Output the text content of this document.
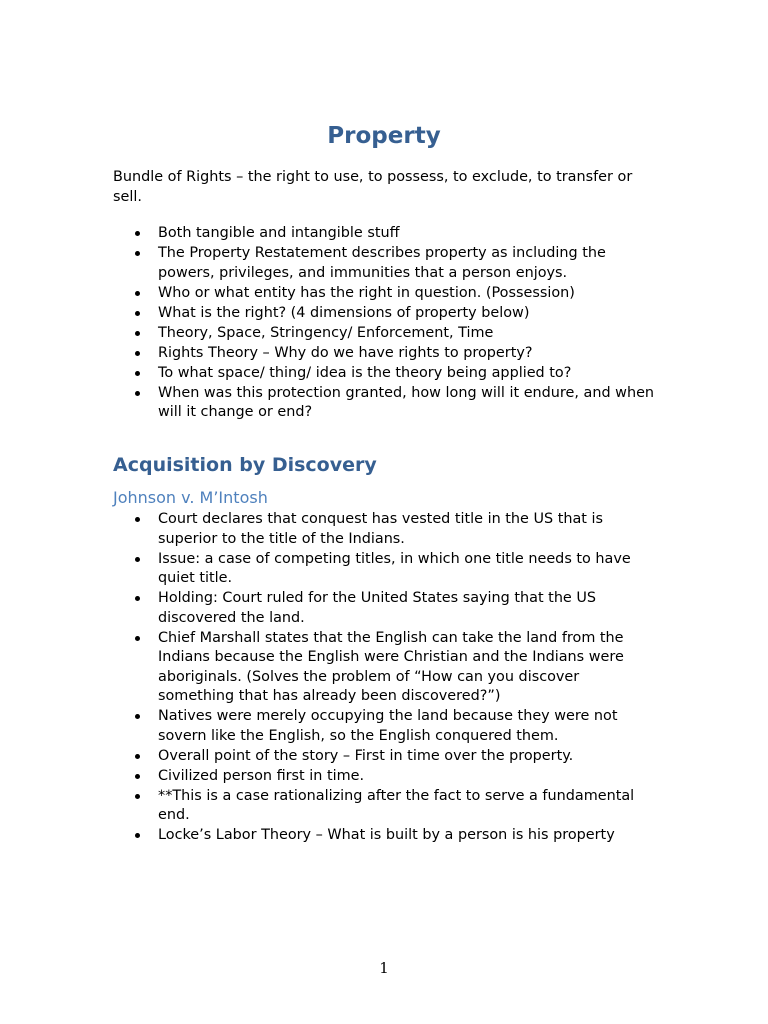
Property

Bundle of Rights – the right to use, to possess, to exclude, to transfer or sell.

Both tangible and intangible stuff
The Property Restatement describes property as including the powers, privileges, and immunities that a person enjoys.
Who or what entity has the right in question. (Possession)
What is the right? (4 dimensions of property below)
Theory, Space, Stringency/ Enforcement, Time
Rights Theory – Why do we have rights to property?
To what space/ thing/ idea is the theory being applied to?
When was this protection granted, how long will it endure, and when will it change or end?
Acquisition by Discovery
Johnson v. M’Intosh
Court declares that conquest has vested title in the US that is superior to the title of the Indians.
Issue: a case of competing titles, in which one title needs to have quiet title.
Holding: Court ruled for the United States saying that the US discovered the land.
Chief Marshall states that the English can take the land from the Indians because the English were Christian and the Indians were aboriginals. (Solves the problem of “How can you discover something that has already been discovered?”)
Natives were merely occupying the land because they were not sovern like the English, so the English conquered them.
Overall point of the story – First in time over the property.
Civilized person first in time.
**This is a case rationalizing after the fact to serve a fundamental end.
Locke’s Labor Theory – What is built by a person is his property
1
